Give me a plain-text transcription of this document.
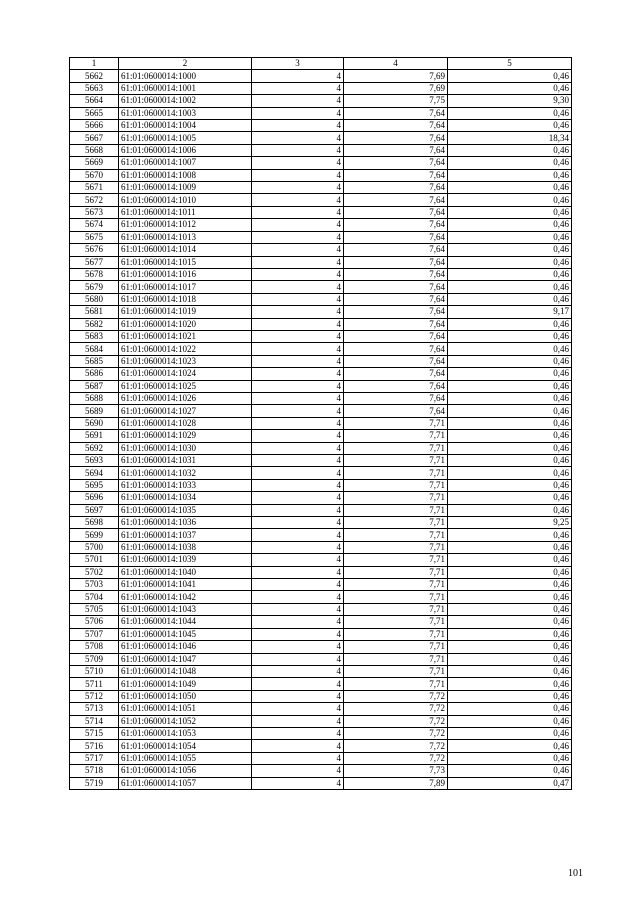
1	2	3	4	5
5662	61:01:0600014:1000	4	7,69	0,46
5663	61:01:0600014:1001	4	7,69	0,46
5664	61:01:0600014:1002	4	7,75	9,30
5665	61:01:0600014:1003	4	7,64	0,46
5666	61:01:0600014:1004	4	7,64	0,46
5667	61:01:0600014:1005	4	7,64	18,34
5668	61:01:0600014:1006	4	7,64	0,46
5669	61:01:0600014:1007	4	7,64	0,46
5670	61:01:0600014:1008	4	7,64	0,46
5671	61:01:0600014:1009	4	7,64	0,46
5672	61:01:0600014:1010	4	7,64	0,46
5673	61:01:0600014:1011	4	7,64	0,46
5674	61:01:0600014:1012	4	7,64	0,46
5675	61:01:0600014:1013	4	7,64	0,46
5676	61:01:0600014:1014	4	7,64	0,46
5677	61:01:0600014:1015	4	7,64	0,46
5678	61:01:0600014:1016	4	7,64	0,46
5679	61:01:0600014:1017	4	7,64	0,46
5680	61:01:0600014:1018	4	7,64	0,46
5681	61:01:0600014:1019	4	7,64	9,17
5682	61:01:0600014:1020	4	7,64	0,46
5683	61:01:0600014:1021	4	7,64	0,46
5684	61:01:0600014:1022	4	7,64	0,46
5685	61:01:0600014:1023	4	7,64	0,46
5686	61:01:0600014:1024	4	7,64	0,46
5687	61:01:0600014:1025	4	7,64	0,46
5688	61:01:0600014:1026	4	7,64	0,46
5689	61:01:0600014:1027	4	7,64	0,46
5690	61:01:0600014:1028	4	7,71	0,46
5691	61:01:0600014:1029	4	7,71	0,46
5692	61:01:0600014:1030	4	7,71	0,46
5693	61:01:0600014:1031	4	7,71	0,46
5694	61:01:0600014:1032	4	7,71	0,46
5695	61:01:0600014:1033	4	7,71	0,46
5696	61:01:0600014:1034	4	7,71	0,46
5697	61:01:0600014:1035	4	7,71	0,46
5698	61:01:0600014:1036	4	7,71	9,25
5699	61:01:0600014:1037	4	7,71	0,46
5700	61:01:0600014:1038	4	7,71	0,46
5701	61:01:0600014:1039	4	7,71	0,46
5702	61:01:0600014:1040	4	7,71	0,46
5703	61:01:0600014:1041	4	7,71	0,46
5704	61:01:0600014:1042	4	7,71	0,46
5705	61:01:0600014:1043	4	7,71	0,46
5706	61:01:0600014:1044	4	7,71	0,46
5707	61:01:0600014:1045	4	7,71	0,46
5708	61:01:0600014:1046	4	7,71	0,46
5709	61:01:0600014:1047	4	7,71	0,46
5710	61:01:0600014:1048	4	7,71	0,46
5711	61:01:0600014:1049	4	7,71	0,46
5712	61:01:0600014:1050	4	7,72	0,46
5713	61:01:0600014:1051	4	7,72	0,46
5714	61:01:0600014:1052	4	7,72	0,46
5715	61:01:0600014:1053	4	7,72	0,46
5716	61:01:0600014:1054	4	7,72	0,46
5717	61:01:0600014:1055	4	7,72	0,46
5718	61:01:0600014:1056	4	7,73	0,46
5719	61:01:0600014:1057	4	7,89	0,47
101
